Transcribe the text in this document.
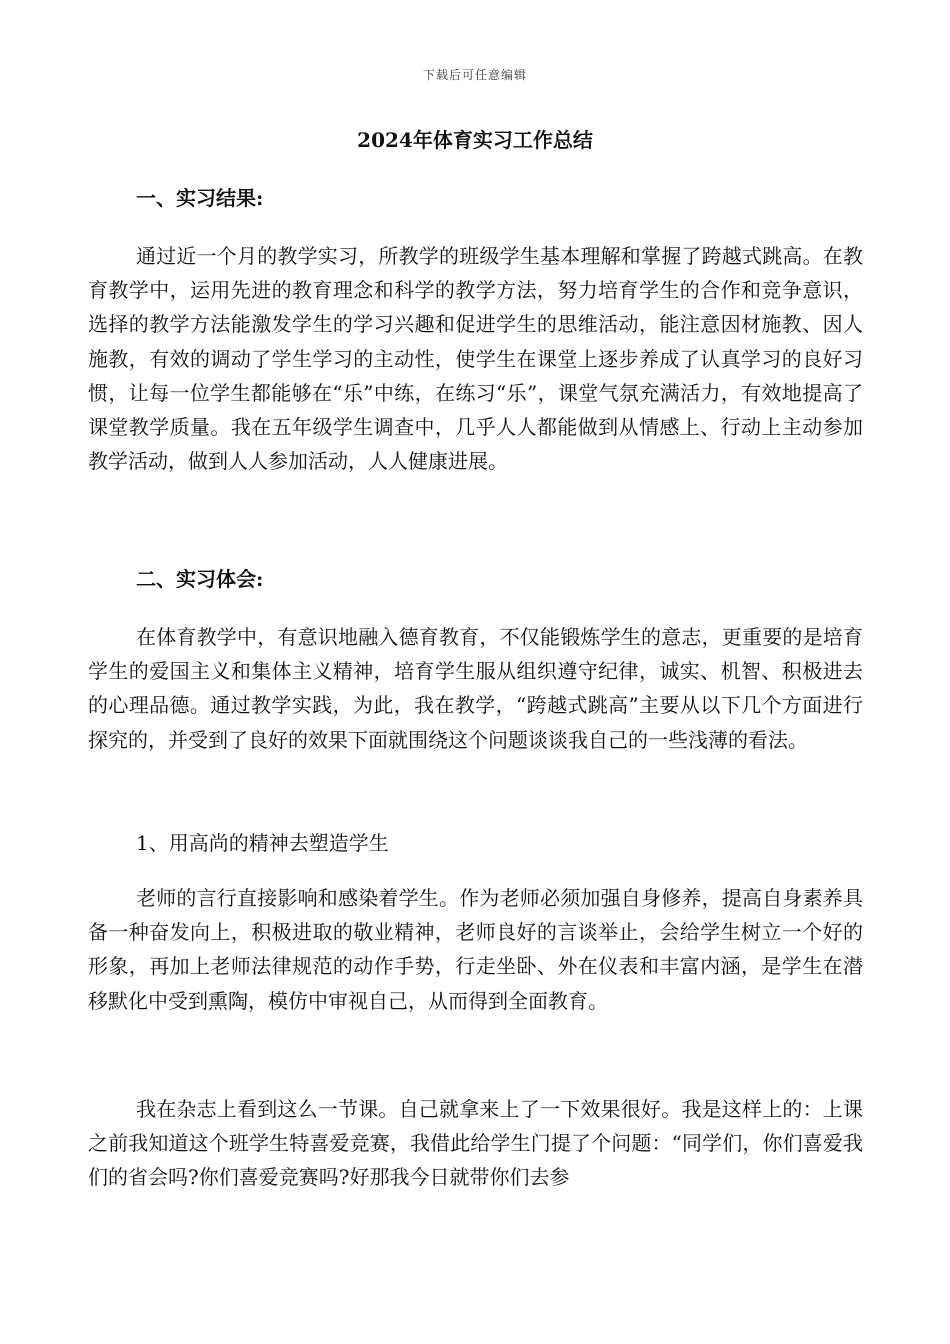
下载后可任意编辑
2024年体育实习工作总结
一、实习结果:
通过近一个月的教学实习，所教学的班级学生基本理解和掌握了跨越式跳高。在教育教学中，运用先进的教育理念和科学的教学方法，努力培育学生的合作和竞争意识，选择的教学方法能激发学生的学习兴趣和促进学生的思维活动，能注意因材施教、因人施教，有效的调动了学生学习的主动性，使学生在课堂上逐步养成了认真学习的良好习惯，让每一位学生都能够在“乐”中练，在练习“乐”，课堂气氛充满活力，有效地提高了课堂教学质量。我在五年级学生调查中，几乎人人都能做到从情感上、行动上主动参加教学活动，做到人人参加活动，人人健康进展。
二、实习体会:
在体育教学中，有意识地融入德育教育，不仅能锻炼学生的意志，更重要的是培育学生的爱国主义和集体主义精神，培育学生服从组织遵守纪律，诚实、机智、积极进去的心理品德。通过教学实践，为此，我在教学，“跨越式跳高”主要从以下几个方面进行探究的，并受到了良好的效果下面就围绕这个问题谈谈我自己的一些浅薄的看法。
1、用高尚的精神去塑造学生
老师的言行直接影响和感染着学生。作为老师必须加强自身修养，提高自身素养具备一种奋发向上，积极进取的敬业精神，老师良好的言谈举止，会给学生树立一个好的形象，再加上老师法律规范的动作手势，行走坐卧、外在仪表和丰富内涵，是学生在潜移默化中受到熏陶，模仿中审视自己，从而得到全面教育。
我在杂志上看到这么一节课。自己就拿来上了一下效果很好。我是这样上的：上课之前我知道这个班学生特喜爱竞赛，我借此给学生门提了个问题：“同学们，你们喜爱我们的省会吗?你们喜爱竞赛吗?好那我今日就带你们去参
